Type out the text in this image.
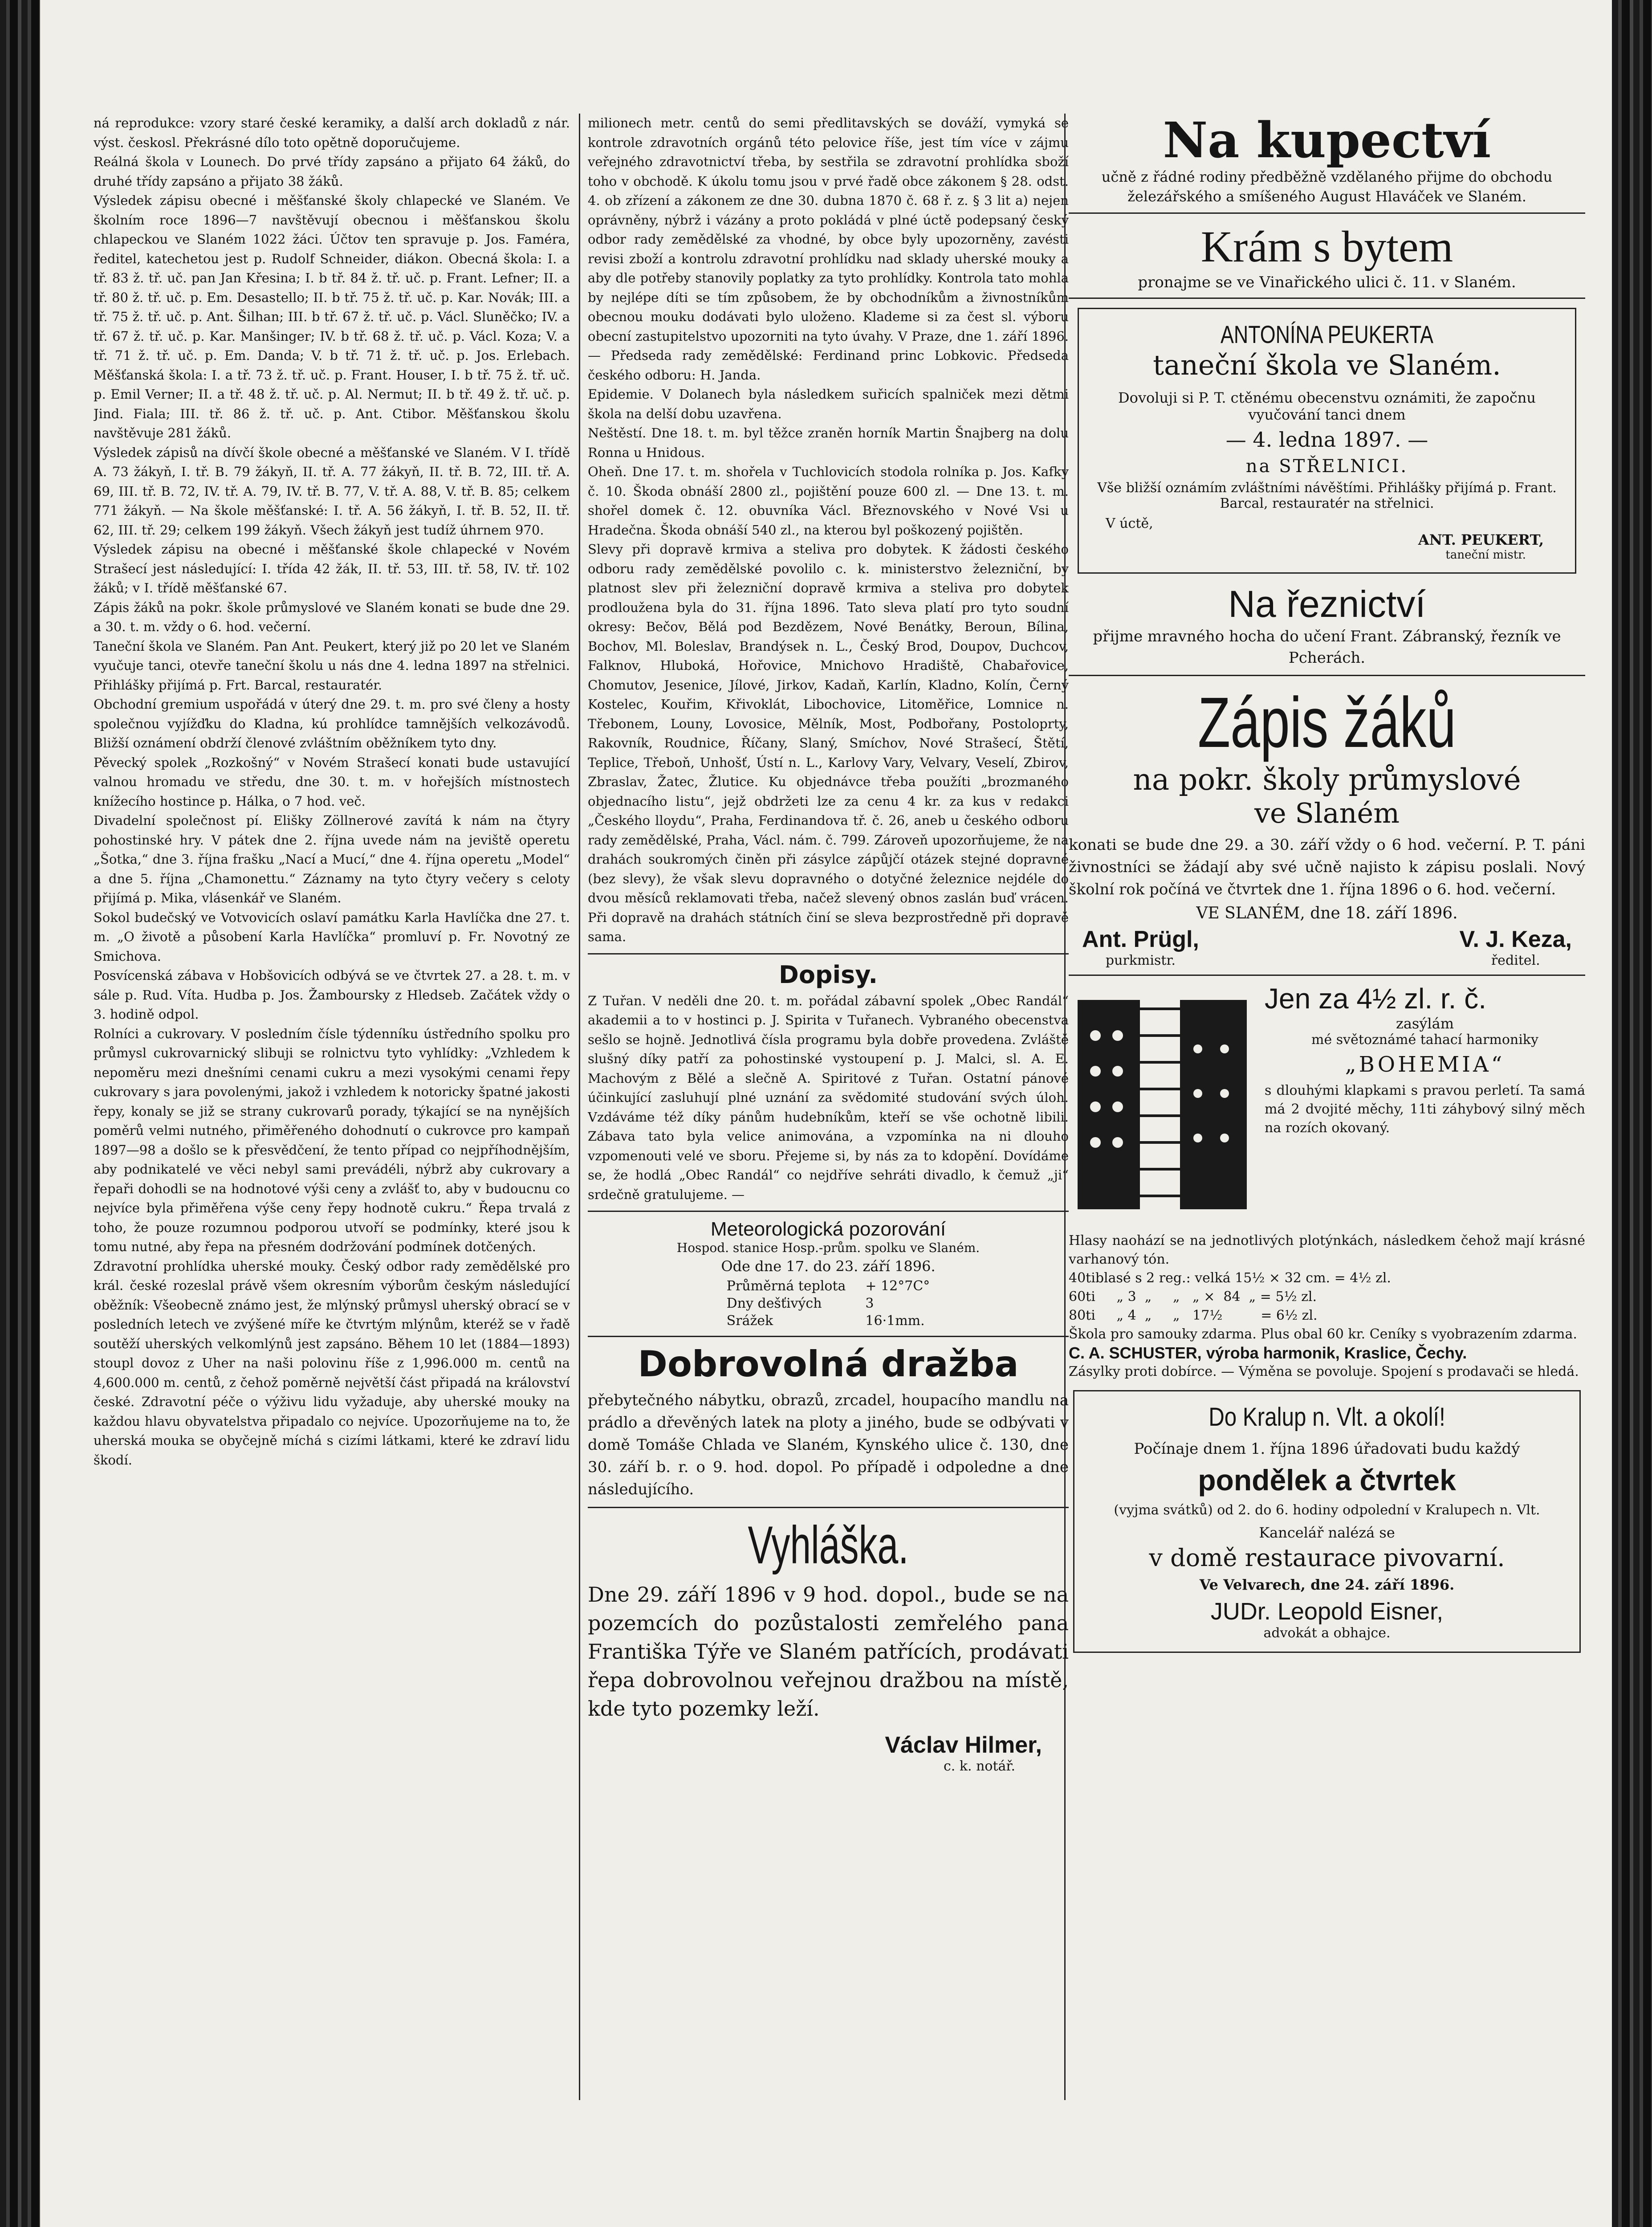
ná reprodukce: vzory staré české keramiky, a další arch dokladů z nár. výst. českosl. Překrásné dílo toto opětně doporučujeme.

Reálná škola v Lounech. Do prvé třídy zapsáno a přijato 64 žáků, do druhé třídy zapsáno a přijato 38 žáků.

Výsledek zápisu obecné i měšťanské školy chlapecké ve Slaném. Ve školním roce 1896—7 navštěvují obecnou i měšťanskou školu chlapeckou ve Slaném 1022 žáci. Účtov ten spravuje p. Jos. Faméra, ředitel, katechetou jest p. Rudolf Schneider, diákon. Obecná škola: I. a tř. 83 ž. tř. uč. pan Jan Křesina; I. b tř. 84 ž. tř. uč. p. Frant. Lefner; II. a tř. 80 ž. tř. uč. p. Em. Desastello; II. b tř. 75 ž. tř. uč. p. Kar. Novák; III. a tř. 75 ž. tř. uč. p. Ant. Šilhan; III. b tř. 67 ž. tř. uč. p. Václ. Sluněčko; IV. a tř. 67 ž. tř. uč. p. Kar. Manšinger; IV. b tř. 68 ž. tř. uč. p. Václ. Koza; V. a tř. 71 ž. tř. uč. p. Em. Danda; V. b tř. 71 ž. tř. uč. p. Jos. Erlebach. Měšťanská škola: I. a tř. 73 ž. tř. uč. p. Frant. Houser, I. b tř. 75 ž. tř. uč. p. Emil Verner; II. a tř. 48 ž. tř. uč. p. Al. Nermut; II. b tř. 49 ž. tř. uč. p. Jind. Fiala; III. tř. 86 ž. tř. uč. p. Ant. Ctibor. Měšťanskou školu navštěvuje 281 žáků.

Výsledek zápisů na dívčí škole obecné a měšťanské ve Slaném. V I. třídě A. 73 žákyň, I. tř. B. 79 žákyň, II. tř. A. 77 žákyň, II. tř. B. 72, III. tř. A. 69, III. tř. B. 72, IV. tř. A. 79, IV. tř. B. 77, V. tř. A. 88, V. tř. B. 85; celkem 771 žákyň. — Na škole měšťanské: I. tř. A. 56 žákyň, I. tř. B. 52, II. tř. 62, III. tř. 29; celkem 199 žákyň. Všech žákyň jest tudíž úhrnem 970.

Výsledek zápisu na obecné i měšťanské škole chlapecké v Novém Strašecí jest následující: I. třída 42 žák, II. tř. 53, III. tř. 58, IV. tř. 102 žáků; v I. třídě měšťanské 67.

Zápis žáků na pokr. škole průmyslové ve Slaném konati se bude dne 29. a 30. t. m. vždy o 6. hod. večerní.

Taneční škola ve Slaném. Pan Ant. Peukert, který již po 20 let ve Slaném vyučuje tanci, otevře taneční školu u nás dne 4. ledna 1897 na střelnici. Přihlášky přijímá p. Frt. Barcal, restauratér.

Obchodní gremium uspořádá v úterý dne 29. t. m. pro své členy a hosty společnou vyjížďku do Kladna, kú prohlídce tamnějších velkozávodů. Bližší oznámení obdrží členové zvláštním oběžníkem tyto dny.

Pěvecký spolek „Rozkošný“ v Novém Strašecí konati bude ustavující valnou hromadu ve středu, dne 30. t. m. v hořejších místnostech knížecího hostince p. Hálka, o 7 hod. več.

Divadelní společnost pí. Elišky Zöllnerové zavítá k nám na čtyry pohostinské hry. V pátek dne 2. října uvede nám na jeviště operetu „Šotka,“ dne 3. října frašku „Nací a Mucí,“ dne 4. října operetu „Model“ a dne 5. října „Chamonettu.“ Záznamy na tyto čtyry večery s celoty přijímá p. Mika, vlásenkář ve Slaném.

Sokol budečský ve Votvovicích oslaví památku Karla Havlíčka dne 27. t. m. „O životě a působení Karla Havlíčka“ promluví p. Fr. Novotný ze Smichova.

Posvícenská zábava v Hobšovicích odbývá se ve čtvrtek 27. a 28. t. m. v sále p. Rud. Víta. Hudba p. Jos. Žamboursky z Hledseb. Začátek vždy o 3. hodině odpol.

Rolníci a cukrovary. V posledním čísle týdenníku ústředního spolku pro průmysl cukrovarnický slibuji se rolnictvu tyto vyhlídky: „Vzhledem k nepoměru mezi dnešními cenami cukru a mezi vysokými cenami řepy cukrovary s jara povolenými, jakož i vzhledem k notoricky špatné jakosti řepy, konaly se již se strany cukrovarů porady, týkající se na nynějších poměrů velmi nutného, přiměřeného dohodnutí o cukrovce pro kampaň 1897—98 a došlo se k přesvědčení, že tento případ co nejpříhodnějším, aby podnikatelé ve věci nebyl sami prevádéli, nýbrž aby cukrovary a řepaři dohodli se na hodnotové výši ceny a zvlášť to, aby v budoucnu co nejvíce byla přiměřena výše ceny řepy hodnotě cukru.“ Řepa trvalá z toho, že pouze rozumnou podporou utvoří se podmínky, které jsou k tomu nutné, aby řepa na přesném dodržování podmínek dotčených.

Zdravotní prohlídka uherské mouky. Český odbor rady zemědělské pro král. české rozeslal právě všem okresním výborům českým následující oběžník: Všeobecně známo jest, že mlýnský průmysl uherský obrací se v posledních letech ve zvýšené míře ke čtvrtým mlýnům, kteréž se v řadě soutěží uherských velkomlýnů jest zapsáno. Během 10 let (1884—1893) stoupl dovoz z Uher na naši polovinu říše z 1,996.000 m. centů na 4,600.000 m. centů, z čehož poměrně největší část připadá na království české. Zdravotní péče o výživu lidu vyžaduje, aby uherské mouky na každou hlavu obyvatelstva připadalo co nejvíce. Upozorňujeme na to, že uherská mouka se obyčejně míchá s cizími látkami, které ke zdraví lidu škodí.

milionech metr. centů do semi předlitavských se dováží, vymyká se kontrole zdravotních orgánů této pelovice říše, jest tím více v zájmu veřejného zdravotnictví třeba, by sestřila se zdravotní prohlídka sboží toho v obchodě. K úkolu tomu jsou v prvé řadě obce zákonem § 28. odst. 4. ob zřízení a zákonem ze dne 30. dubna 1870 č. 68 ř. z. § 3 lit a) nejen oprávněny, nýbrž i vázány a proto pokládá v plné úctě podepsaný český odbor rady zemědělské za vhodné, by obce byly upozorněny, zavésti revisi zboží a kontrolu zdravotní prohlídku nad sklady uherské mouky a aby dle potřeby stanovily poplatky za tyto prohlídky. Kontrola tato mohla by nejlépe díti se tím způsobem, že by obchodníkům a živnostníkům obecnou mouku dodávati bylo uloženo. Klademe si za čest sl. výboru obecní zastupitelstvo upozorniti na tyto úvahy. V Praze, dne 1. září 1896. — Předseda rady zemědělské: Ferdinand princ Lobkovic. Předseda českého odboru: H. Janda.

Epidemie. V Dolanech byla následkem suřicích spalniček mezi dětmi škola na delší dobu uzavřena.

Neštěstí. Dne 18. t. m. byl těžce zraněn horník Martin Šnajberg na dolu Ronna u Hnidous.

Oheň. Dne 17. t. m. shořela v Tuchlovicích stodola rolníka p. Jos. Kafky č. 10. Škoda obnáší 2800 zl., pojištění pouze 600 zl. — Dne 13. t. m. shořel domek č. 12. obuvníka Václ. Březnovského v Nové Vsi u Hradečna. Škoda obnáší 540 zl., na kterou byl poškozený pojištěn.

Slevy při dopravě krmiva a steliva pro dobytek. K žádosti českého odboru rady zemědělské povolilo c. k. ministerstvo železniční, by platnost slev při železniční dopravě krmiva a steliva pro dobytek prodloužena byla do 31. října 1896. Tato sleva platí pro tyto soudní okresy: Bečov, Bělá pod Bezdězem, Nové Benátky, Beroun, Bílina, Bochov, Ml. Boleslav, Brandýsek n. L., Český Brod, Doupov, Duchcov, Falknov, Hluboká, Hořovice, Mnichovo Hradiště, Chabařovice, Chomutov, Jesenice, Jílové, Jirkov, Kadaň, Karlín, Kladno, Kolín, Černý Kostelec, Kouřim, Křivoklát, Libochovice, Litoměřice, Lomnice n. Třebonem, Louny, Lovosice, Mělník, Most, Podbořany, Postoloprty, Rakovník, Roudnice, Říčany, Slaný, Smíchov, Nové Strašecí, Štětí, Teplice, Třeboň, Unhošť, Ústí n. L., Karlovy Vary, Velvary, Veselí, Zbirov, Zbraslav, Žatec, Žlutice. Ku objednávce třeba použíti „brozmaného objednacího listu“, jejž obdržeti lze za cenu 4 kr. za kus v redakci „Českého lloydu“, Praha, Ferdinandova tř. č. 26, aneb u českého odboru rady zemědělské, Praha, Václ. nám. č. 799. Zároveň upozorňujeme, že na drahách soukromých činěn při zásylce zápůjčí otázek stejné dopravné (bez slevy), že však slevu dopravného o dotyčné železnice nejdéle do dvou měsíců reklamovati třeba, načež slevený obnos zaslán buď vrácen. Při dopravě na drahách státních činí se sleva bezprostředně při dopravě sama.

Dopisy.

Z Tuřan. V neděli dne 20. t. m. pořádal zábavní spolek „Obec Randál“ akademii a to v hostinci p. J. Spirita v Tuřanech. Vybraného obecenstva sešlo se hojně. Jednotlivá čísla programu byla dobře provedena. Zvláště slušný díky patří za pohostinské vystoupení p. J. Malci, sl. A. E. Machovým z Bělé a slečně A. Spiritové z Tuřan. Ostatní pánové účinkující zasluhují plné uznání za svědomité studování svých úloh. Vzdáváme též díky pánům hudebníkům, kteří se vše ochotně libili. Zábava tato byla velice animována, a vzpomínka na ni dlouho vzpomenouti velé ve sboru. Přejeme si, by nás za to kdopění. Dovídáme se, že hodlá „Obec Randál“ co nejdříve sehráti divadlo, k čemuž „ji“ srdečně gratulujeme. —

Meteorologická pozorování
Hospod. stanice Hosp.-prům. spolku ve Slaném.
Ode dne 17. do 23. září 1896.
Průměrná teplota	+ 12°7C°
Dny dešťivých	3
Srážek	16·1mm.
Dobrovolná dražba

přebytečného nábytku, obrazů, zrcadel, houpacího mandlu na prádlo a dřevěných latek na ploty a jiného, bude se odbývati v domě Tomáše Chlada ve Slaném, Kynského ulice č. 130, dne 30. září b. r. o 9. hod. dopol. Po případě i odpoledne a dne následujícího.

Vyhláška.

Dne 29. září 1896 v 9 hod. dopol., bude se na pozemcích do pozůstalosti zemřelého pana Františka Týře ve Slaném patřících, prodávati řepa dobrovolnou veřejnou dražbou na místě, kde tyto pozemky leží.

Václav Hilmer,
c. k. notář.
Na kupectví

učně z řádné rodiny předběžně vzdělaného přijme do obchodu železářského a smíšeného August Hlaváček ve Slaném.

Krám s bytem

pronajme se ve Vinařického ulici č. 11. v Slaném.

ANTONÍNA PEUKERTA
taneční škola ve Slaném.

Dovoluji si P. T. ctěnému obecenstvu oznámiti, že započnu vyučování tanci dnem

— 4. ledna 1897. —
na STŘELNICI.

Vše bližší oznámím zvláštními návěštími. Přihlášky přijímá p. Frant. Barcal, restauratér na střelnici.

V úctě,
ANT. PEUKERT,
taneční mistr.
Na řeznictví

přijme mravného hocha do učení Frant. Zábranský, řezník ve Pcherách.

Zápis žáků
na pokr. školy průmyslové
ve Slaném

konati se bude dne 29. a 30. září vždy o 6 hod. večerní. P. T. páni živnostníci se žádají aby své učně najisto k zápisu poslali. Nový školní rok počíná ve čtvrtek dne 1. října 1896 o 6. hod. večerní.

VE SLANÉM, dne 18. září 1896.
Ant. Prügl,
purkmistr.
V. J. Keza,
ředitel.
Jen za 4½ zl. r. č.
zasýlám
mé světoznámé tahací harmoniky
„BOHEMIA“

s dlouhými klapkami s pravou perletí. Ta samá má 2 dvojité měchy, 11ti záhybový silný měch na rozích okovaný.

Hlasy naohází se na jednotlivých plotýnkách, následkem čehož mají krásné varhanový tón.

40tiblasé s 2 reg.: velká 15½ × 32 cm. = 4½ zl.
60ti     „ 3  „     „   „ ×  84  „ = 5½ zl.
80ti     „ 4  „     „   17½         = 6½ zl.

Škola pro samouky zdarma. Plus obal 60 kr. Ceníky s vyobrazením zdarma.

C. A. SCHUSTER, výroba harmonik, Kraslice, Čechy.

Zásylky proti dobírce. — Výměna se povoluje. Spojení s prodavači se hledá.

Do Kralup n. Vlt. a okolí!

Počínaje dnem 1. října 1896 úřadovati budu každý

pondělek a čtvrtek

(vyjma svátků) od 2. do 6. hodiny odpolední v Kralupech n. Vlt.

Kancelář nalézá se

v domě restaurace pivovarní.
Ve Velvarech, dne 24. září 1896.
JUDr. Leopold Eisner,
advokát a obhajce.
